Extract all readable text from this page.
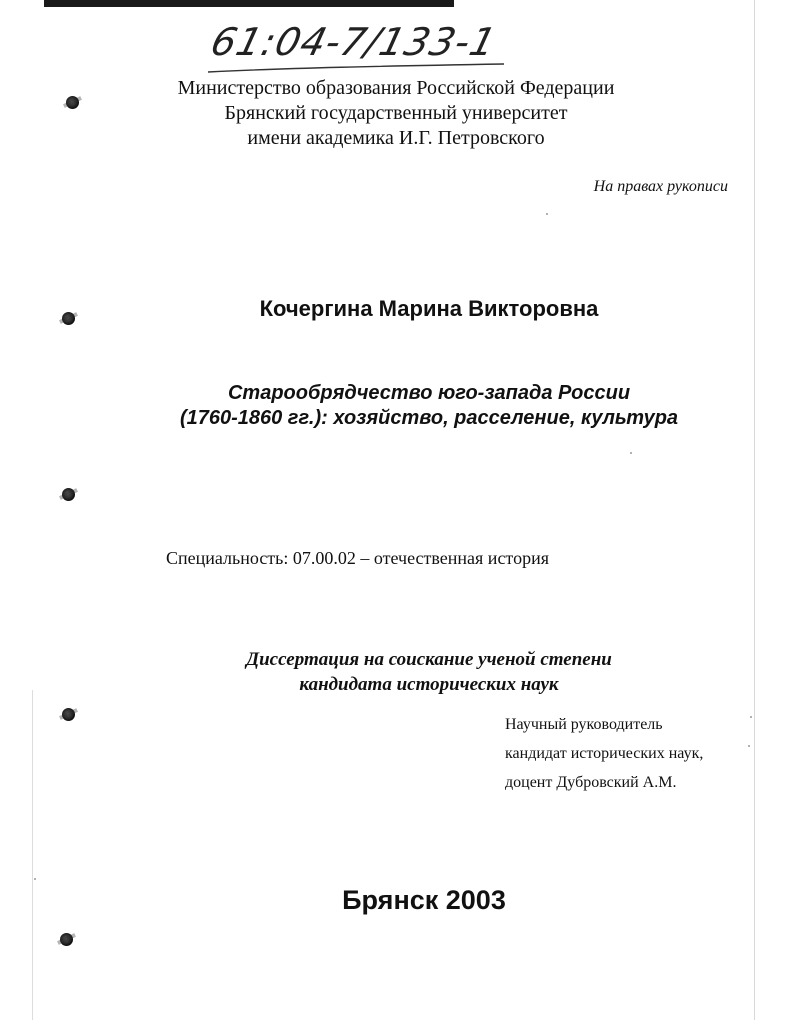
61:04-7/133-1
Министерство образования Российской Федерации
Брянский государственный университет
имени академика И.Г. Петровского
На правах рукописи
Кочергина Марина Викторовна
Старообрядчество юго-запада России
(1760-1860 гг.): хозяйство, расселение, культура
Специальность: 07.00.02 – отечественная история
Диссертация на соискание ученой степени
кандидата исторических наук
Научный руководитель
кандидат исторических наук,
доцент Дубровский А.М.
Брянск 2003
